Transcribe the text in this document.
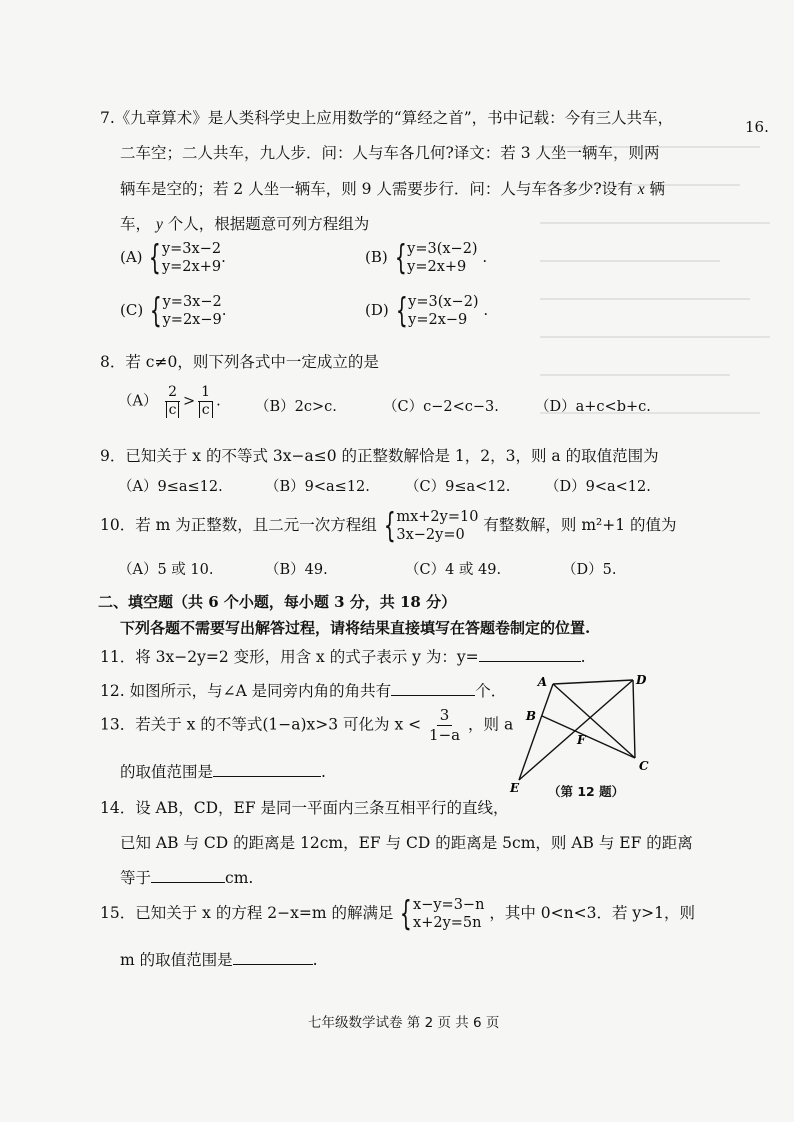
16.
7.《九章算术》是人类科学史上应用数学的“算经之首”，书中记载：今有三人共车，
二车空；二人共车，九人步．问：人与车各几何?译文：若 3 人坐一辆车，则两
辆车是空的；若 2 人坐一辆车，则 9 人需要步行．问：人与车各多少?设有 x 辆
车， y 个人，根据题意可列方程组为
(A) { y=3x−2
y=2x+9
.	(B) { y=3(x−2)
y=2x+9
.
(C) { y=3x−2
y=2x−9
.	(D) { y=3(x−2)
y=2x−9
.
8．若 c≠0，则下列各式中一定成立的是
$(A) \frac{2}{c} > \frac{1}{c}$ . （B）2c>c.	（C）c−2<c−3. （D）a+c<b+c.
9．已知关于 x 的不等式 3x−a≤0 的正整数解恰是 1，2，3，则 a 的取值范围为
（A）9≤a≤12.	（B）9<a≤12. （C）9≤a<12. （D）9<a<12.
10．若 m 为正整数，且二元一次方程组 { mx+2y=10
3x−2y=0
有整数解，则 m²+1 的值为
（A）5 或 10.	（B）49.	（C）4 或 49.	（D）5.
二、填空题（共 6 个小题，每小题 3 分，共 18 分）
下列各题不需要写出解答过程，请将结果直接填写在答题卷制定的位置.
11．将 3x−2y=2 变形，用含 x 的式子表示 y 为：y=	.
12. 如图所示，与∠A 是同旁内角的角共有	个．
13．若关于 x 的不等式(1−a)x>3 可化为 $x < \frac{3}{1-a}$ ，则 a
的取值范围是	.
A	D
B
F
C
E （第 12 题）
14．设 AB，CD，EF 是同一平面内三条互相平行的直线，
已知 AB 与 CD 的距离是 12cm，EF 与 CD 的距离是 5cm，则 AB 与 EF 的距离
等于	cm.
15．已知关于 x 的方程 2−x=m 的解满足 { x−y=3−n
x+2y=5n
，其中 0<n<3．若 y>1，则
m 的取值范围是	.
七年级数学试卷 第 2 页 共 6 页
